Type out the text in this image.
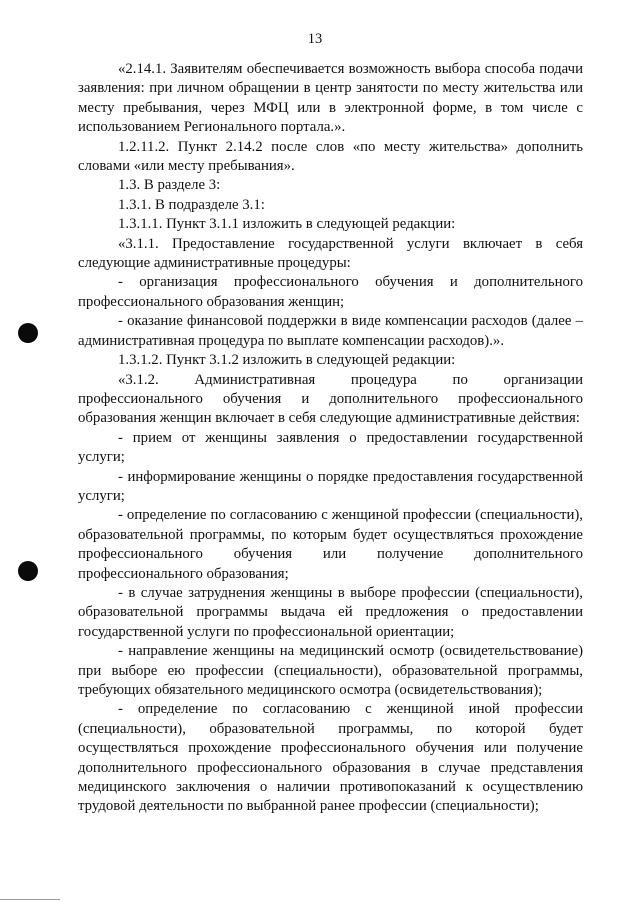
13

«2.14.1. Заявителям обеспечивается возможность выбора способа подачи заявления: при личном обращении в центр занятости по месту жительства или месту пребывания, через МФЦ или в электронной форме, в том числе с использованием Регионального портала.».

1.2.11.2. Пункт 2.14.2 после слов «по месту жительства» дополнить словами «или месту пребывания».

1.3. В разделе 3:

1.3.1. В подразделе 3.1:

1.3.1.1. Пункт 3.1.1 изложить в следующей редакции:

«3.1.1. Предоставление государственной услуги включает в себя следующие административные процедуры:

- организация профессионального обучения и дополнительного профессионального образования женщин;

- оказание финансовой поддержки в виде компенсации расходов (далее – административная процедура по выплате компенсации расходов).».

1.3.1.2. Пункт 3.1.2 изложить в следующей редакции:

«3.1.2. Административная процедура по организации профессионального обучения и дополнительного профессионального образования женщин включает в себя следующие административные действия:

- прием от женщины заявления о предоставлении государственной услуги;

- информирование женщины о порядке предоставления государственной услуги;

- определение по согласованию с женщиной профессии (специальности), образовательной программы, по которым будет осуществляться прохождение профессионального обучения или получение дополнительного профессионального образования;

- в случае затруднения женщины в выборе профессии (специальности), образовательной программы выдача ей предложения о предоставлении государственной услуги по профессиональной ориентации;

- направление женщины на медицинский осмотр (освидетельствование) при выборе ею профессии (специальности), образовательной программы, требующих обязательного медицинского осмотра (освидетельствования);

- определение по согласованию с женщиной иной профессии (специальности), образовательной программы, по которой будет осуществляться прохождение профессионального обучения или получение дополнительного профессионального образования в случае представления медицинского заключения о наличии противопоказаний к осуществлению трудовой деятельности по выбранной ранее профессии (специальности);
